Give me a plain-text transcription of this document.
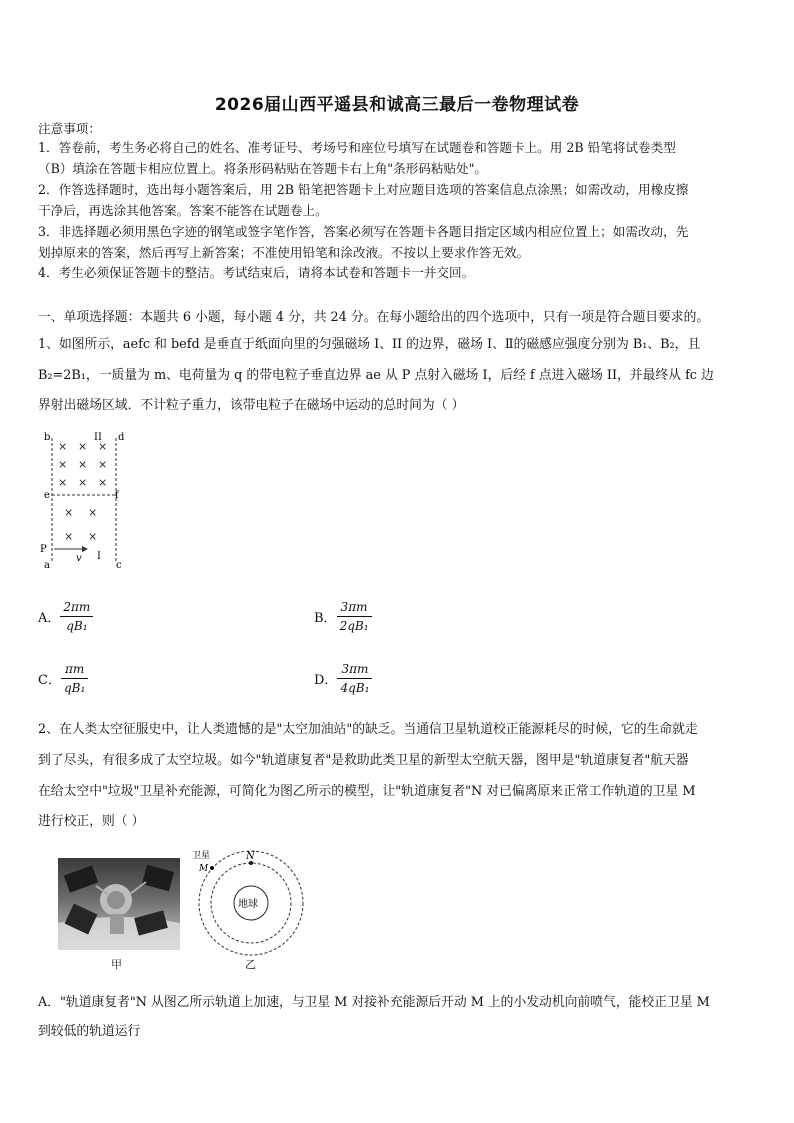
2026届山西平遥县和诚高三最后一卷物理试卷
注意事项：
1．答卷前，考生务必将自己的姓名、准考证号、考场号和座位号填写在试题卷和答题卡上。用 2B 铅笔将试卷类型
（B）填涂在答题卡相应位置上。将条形码粘贴在答题卡右上角"条形码粘贴处"。
2．作答选择题时，选出每小题答案后，用 2B 铅笔把答题卡上对应题目选项的答案信息点涂黑；如需改动，用橡皮擦
干净后，再选涂其他答案。答案不能答在试题卷上。
3．非选择题必须用黑色字迹的钢笔或签字笔作答，答案必须写在答题卡各题目指定区域内相应位置上；如需改动，先
划掉原来的答案，然后再写上新答案；不准使用铅笔和涂改液。不按以上要求作答无效。
4．考生必须保证答题卡的整洁。考试结束后，请将本试卷和答题卡一并交回。
一、单项选择题：本题共 6 小题，每小题 4 分，共 24 分。在每小题给出的四个选项中，只有一项是符合题目要求的。
1、如图所示，aefc 和 befd 是垂直于纸面向里的匀强磁场 I、II 的边界，磁场 I、Ⅱ的磁感应强度分别为 B₁、B₂，且
B₂=2B₁，一质量为 m、电荷量为 q 的带电粒子垂直边界 ae 从 P 点射入磁场 I，后经 f 点进入磁场 II，并最终从 fc 边
界射出磁场区域．不计粒子重力，该带电粒子在磁场中运动的总时间为（ ）
b	d
II
e	f
P
I
a	c
v
× × ×
× × ×
× × ×
× ×
× ×
A． $\frac{2\pi m}{\text{qB₁}}$	B． $\frac{3\pi m}{\text{2qB₁}}$
C． $\frac{\pi m}{\text{qB₁}}$	D． $\frac{3\pi m}{\text{4qB₁}}$
2、在人类太空征服史中，让人类遗憾的是"太空加油站"的缺乏。当通信卫星轨道校正能源耗尽的时候，它的生命就走
到了尽头，有很多成了太空垃圾。如今"轨道康复者"是救助此类卫星的新型太空航天器，图甲是"轨道康复者"航天器
在给太空中"垃圾"卫星补充能源，可简化为图乙所示的模型，让"轨道康复者"N 对已偏离原来正常工作轨道的卫星 M
进行校正，则（ ）
甲
地球
N
卫星
M
乙
A．"轨道康复者"N 从图乙所示轨道上加速，与卫星 M 对接补充能源后开动 M 上的小发动机向前喷气，能校正卫星 M
到较低的轨道运行
